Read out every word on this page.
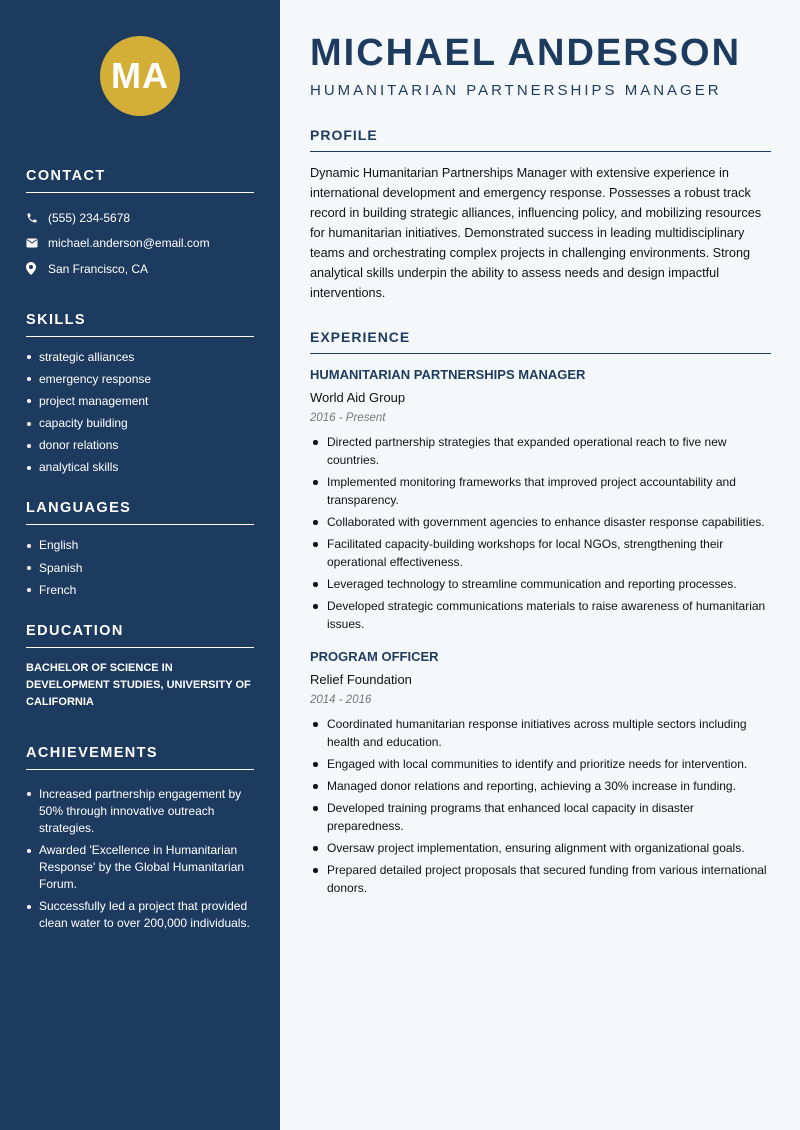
MA
CONTACT
(555) 234-5678
michael.anderson@email.com
San Francisco, CA
SKILLS
strategic alliances
emergency response
project management
capacity building
donor relations
analytical skills
LANGUAGES
English
Spanish
French
EDUCATION
BACHELOR OF SCIENCE IN DEVELOPMENT STUDIES, UNIVERSITY OF CALIFORNIA
ACHIEVEMENTS
Increased partnership engagement by 50% through innovative outreach strategies.
Awarded 'Excellence in Humanitarian Response' by the Global Humanitarian Forum.
Successfully led a project that provided clean water to over 200,000 individuals.
MICHAEL ANDERSON
HUMANITARIAN PARTNERSHIPS MANAGER
PROFILE

Dynamic Humanitarian Partnerships Manager with extensive experience in international development and emergency response. Possesses a robust track record in building strategic alliances, influencing policy, and mobilizing resources for humanitarian initiatives. Demonstrated success in leading multidisciplinary teams and orchestrating complex projects in challenging environments. Strong analytical skills underpin the ability to assess needs and design impactful interventions.

EXPERIENCE
HUMANITARIAN PARTNERSHIPS MANAGER
World Aid Group
2016 - Present
Directed partnership strategies that expanded operational reach to five new countries.
Implemented monitoring frameworks that improved project accountability and transparency.
Collaborated with government agencies to enhance disaster response capabilities.
Facilitated capacity-building workshops for local NGOs, strengthening their operational effectiveness.
Leveraged technology to streamline communication and reporting processes.
Developed strategic communications materials to raise awareness of humanitarian issues.
PROGRAM OFFICER
Relief Foundation
2014 - 2016
Coordinated humanitarian response initiatives across multiple sectors including health and education.
Engaged with local communities to identify and prioritize needs for intervention.
Managed donor relations and reporting, achieving a 30% increase in funding.
Developed training programs that enhanced local capacity in disaster preparedness.
Oversaw project implementation, ensuring alignment with organizational goals.
Prepared detailed project proposals that secured funding from various international donors.
